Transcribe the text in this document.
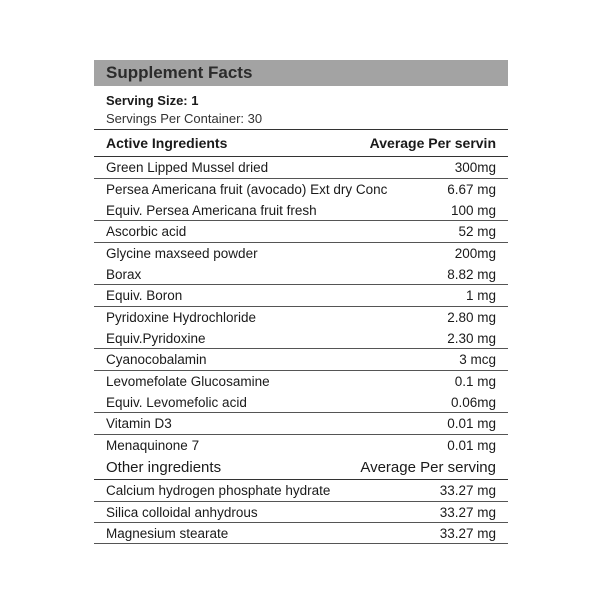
Supplement Facts
Serving Size: 1
Servings Per Container: 30
Active Ingredients	Average Per servin
Green Lipped Mussel dried	300mg
Persea Americana fruit (avocado) Ext dry Conc	6.67 mg
Equiv. Persea Americana fruit fresh	100 mg
Ascorbic acid	52 mg
Glycine maxseed powder	200mg
Borax	8.82 mg
Equiv. Boron	1 mg
Pyridoxine Hydrochloride	2.80 mg
Equiv.Pyridoxine	2.30 mg
Cyanocobalamin	3 mcg
Levomefolate Glucosamine	0.1 mg
Equiv. Levomefolic acid	0.06mg
Vitamin D3	0.01 mg
Menaquinone 7	0.01 mg
Other ingredients	Average Per serving
Calcium hydrogen phosphate hydrate	33.27 mg
Silica colloidal anhydrous	33.27 mg
Magnesium stearate	33.27 mg
